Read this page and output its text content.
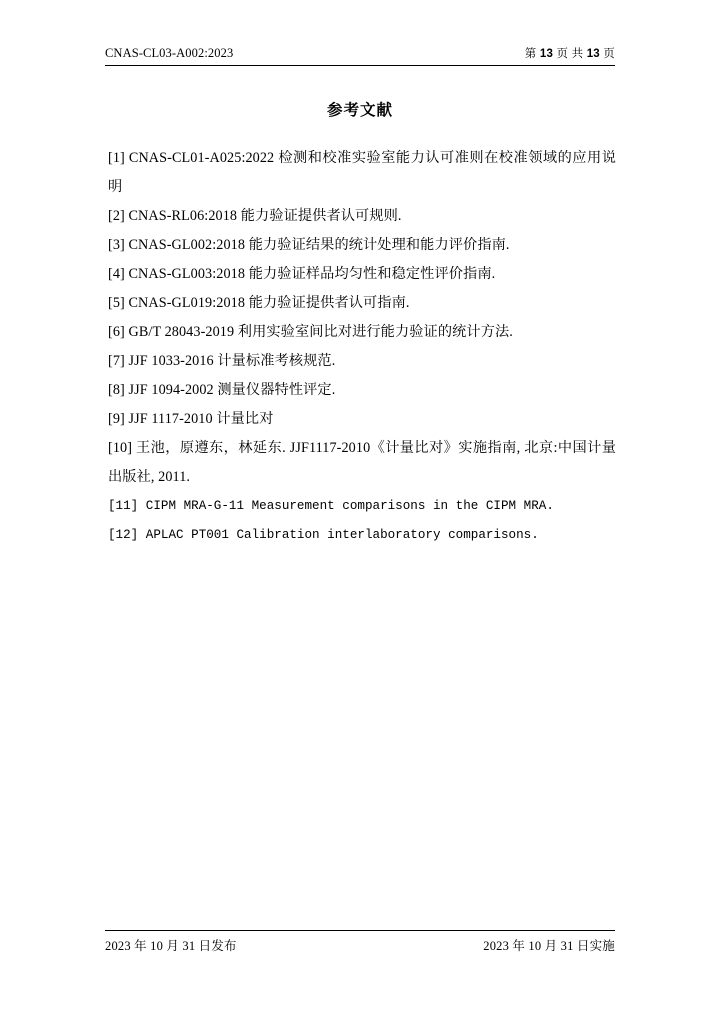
CNAS-CL03-A002:2023	第 13 页 共 13 页
参考文献

[1] CNAS-CL01-A025:2022 检测和校准实验室能力认可准则在校准领域的应用说明

[2] CNAS-RL06:2018 能力验证提供者认可规则.

[3] CNAS-GL002:2018 能力验证结果的统计处理和能力评价指南.

[4] CNAS-GL003:2018 能力验证样品均匀性和稳定性评价指南.

[5] CNAS-GL019:2018 能力验证提供者认可指南.

[6] GB/T 28043-2019 利用实验室间比对进行能力验证的统计方法.

[7] JJF 1033-2016 计量标准考核规范.

[8] JJF 1094-2002 测量仪器特性评定.

[9] JJF 1117-2010 计量比对

[10] 王池，原遵东，林延东. JJF1117-2010《计量比对》实施指南, 北京:中国计量出版社, 2011.

[11] CIPM MRA-G-11 Measurement comparisons in the CIPM MRA.

[12] APLAC PT001 Calibration interlaboratory comparisons.

2023 年 10 月 31 日发布	2023 年 10 月 31 日实施
